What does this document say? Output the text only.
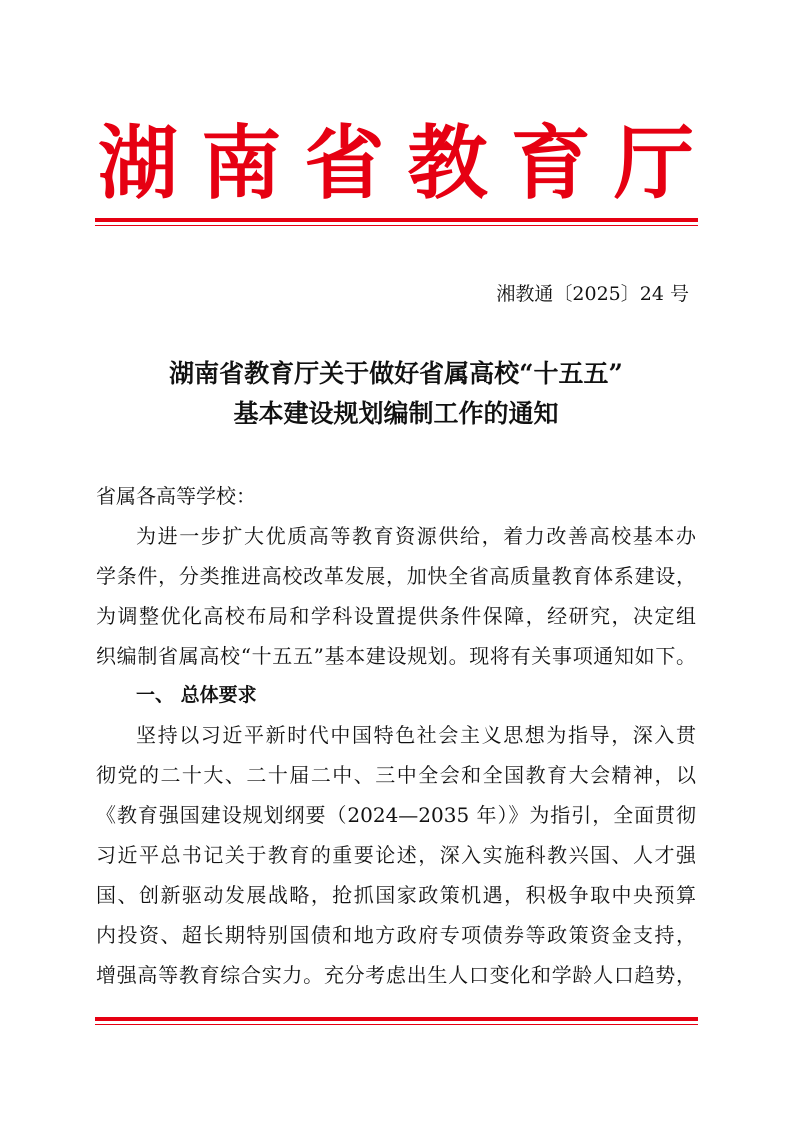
湖 南 省 教 育 厅
湘教通〔2025〕24 号
湖南省教育厅关于做好省属高校“十五五”
基本建设规划编制工作的通知
省属各高等学校：
为进一步扩大优质高等教育资源供给，着力改善高校基本办
学条件，分类推进高校改革发展，加快全省高质量教育体系建设，
为调整优化高校布局和学科设置提供条件保障，经研究，决定组
织编制省属高校“十五五”基本建设规划。现将有关事项通知如下。
一、 总体要求
坚持以习近平新时代中国特色社会主义思想为指导，深入贯
彻党的二十大、二十届二中、三中全会和全国教育大会精神，以
《教育强国建设规划纲要（2024—2035 年）》为指引，全面贯彻
习近平总书记关于教育的重要论述，深入实施科教兴国、人才强
国、创新驱动发展战略，抢抓国家政策机遇，积极争取中央预算
内投资、超长期特别国债和地方政府专项债券等政策资金支持，
增强高等教育综合实力。充分考虑出生人口变化和学龄人口趋势，
